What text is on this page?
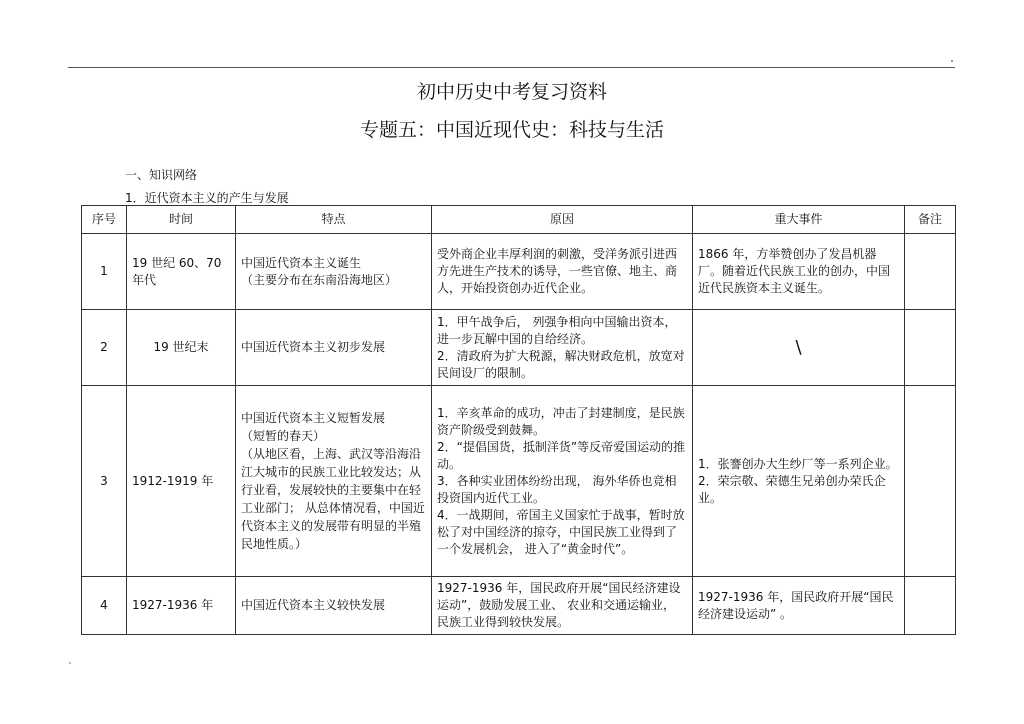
初中历史中考复习资料
专题五：中国近现代史：科技与生活
一、知识网络
1．近代资本主义的产生与发展
序号	时间	特点	原因	重大事件	备注
1	19 世纪 60、70 年代	中国近代资本主义诞生
（主要分布在东南沿海地区）	受外商企业丰厚利润的刺激，受洋务派引进西方先进生产技术的诱导，一些官僚、地主、商人，开始投资创办近代企业。	1866 年，方举赞创办了发昌机器厂。随着近代民族工业的创办，中国近代民族资本主义诞生。	

2	19 世纪末	中国近代资本主义初步发展	1．甲午战争后， 列强争相向中国输出资本，进一步瓦解中国的自给经济。
2．清政府为扩大税源，解决财政危机，放宽对民间设厂的限制。	\	

3	1912-1919 年	中国近代资本主义短暂发展
（短暂的春天）
（从地区看，上海、武汉等沿海沿江大城市的民族工业比较发达；从行业看，发展较快的主要集中在轻工业部门； 从总体情况看，中国近代资本主义的发展带有明显的半殖民地性质。）	1．辛亥革命的成功，冲击了封建制度，是民族资产阶级受到鼓舞。
2．“提倡国货，抵制洋货”等反帝爱国运动的推动。
3．各种实业团体纷纷出现， 海外华侨也竞相投资国内近代工业。
4．一战期间，帝国主义国家忙于战事，暂时放松了对中国经济的掠夺，中国民族工业得到了一个发展机会， 进入了“黄金时代”。	1．张謇创办大生纱厂等一系列企业。
2．荣宗敬、荣德生兄弟创办荣氏企业。	

4	1927-1936 年	中国近代资本主义较快发展	1927-1936 年，国民政府开展“国民经济建设运动”，鼓励发展工业、 农业和交通运输业，民族工业得到较快发展。	1927-1936 年，国民政府开展“国民经济建设运动” 。	
